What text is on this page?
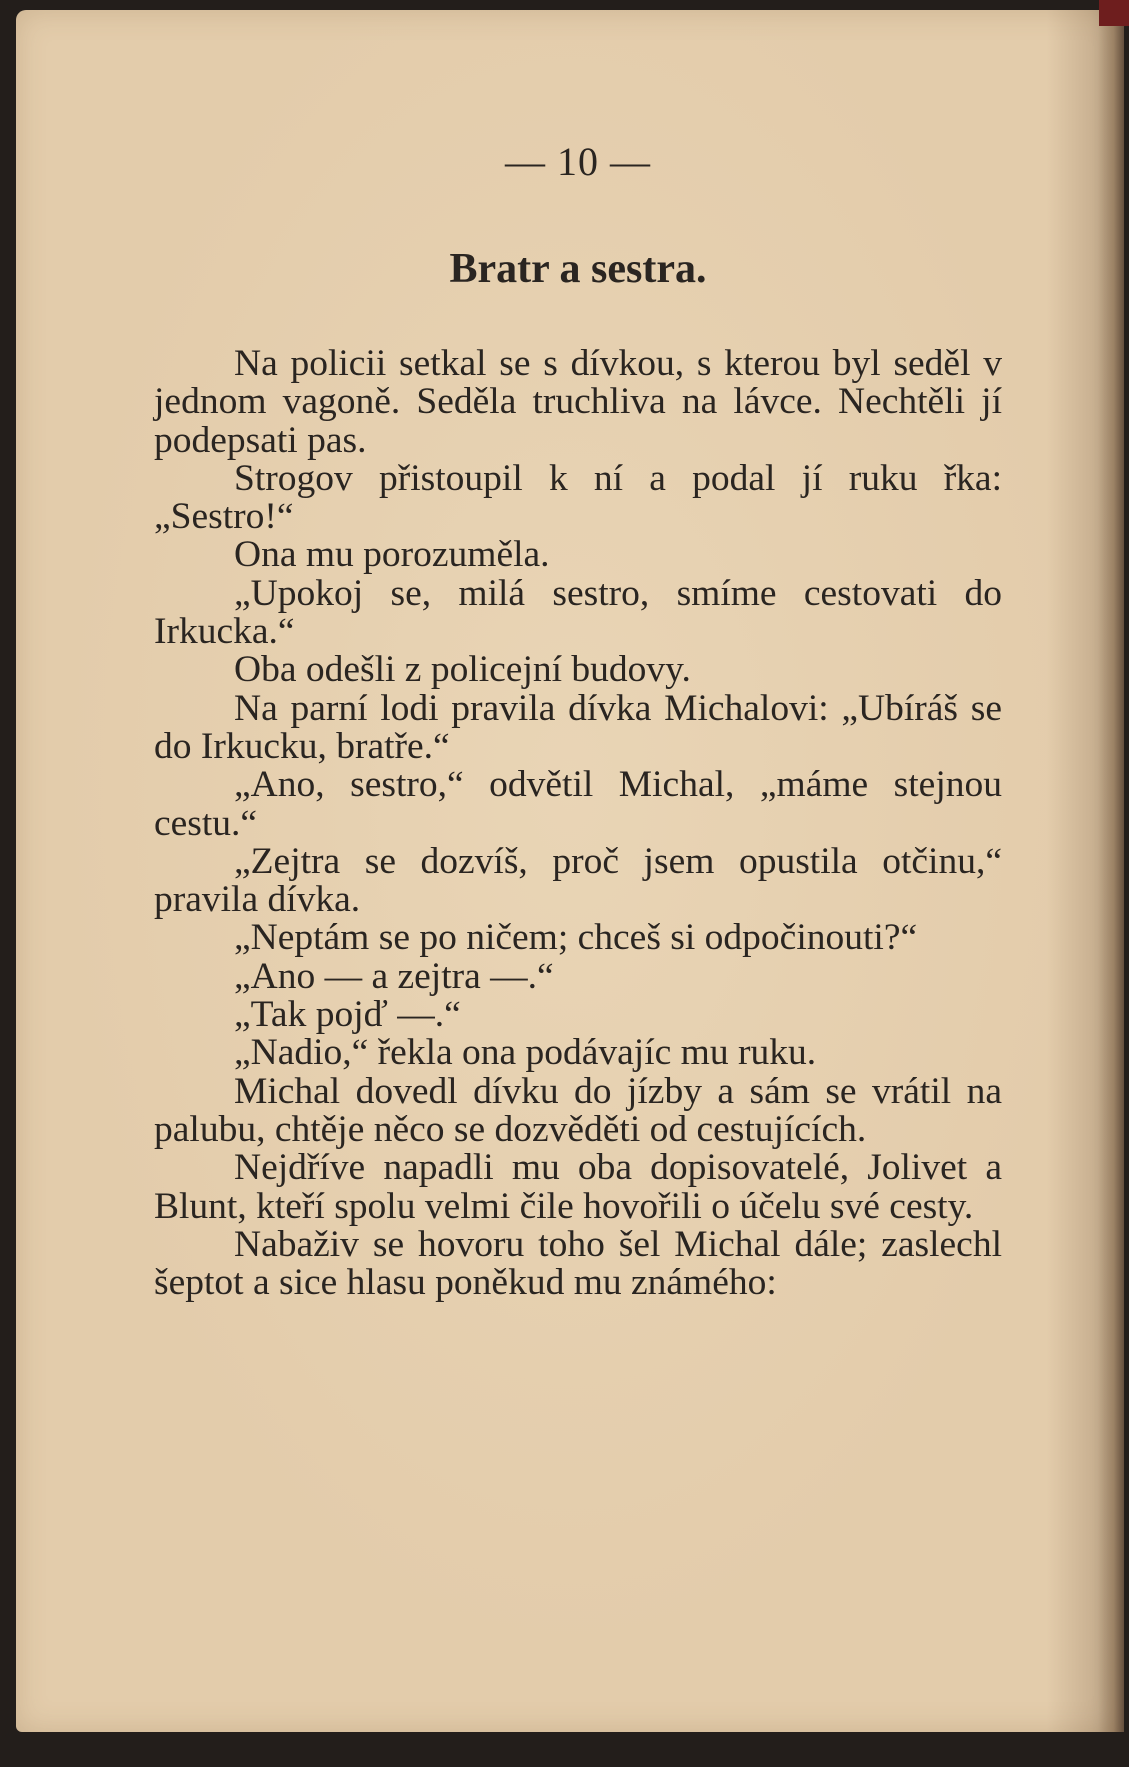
— 10 —
Bratr a sestra.

Na policii setkal se s dívkou, s kterou byl seděl v jednom vagoně. Seděla truchliva na lávce. Nechtěli jí podepsati pas.

Strogov přistoupil k ní a podal jí ruku řka: „Sestro!“

Ona mu porozuměla.

„Upokoj se, milá sestro, smíme cestovati do Irkucka.“

Oba odešli z policejní budovy.

Na parní lodi pravila dívka Michalovi: „Ubíráš se do Irkucku, bratře.“

„Ano, sestro,“ odvětil Michal, „máme stejnou cestu.“

„Zejtra se dozvíš, proč jsem opustila otčinu,“ pravila dívka.

„Neptám se po ničem; chceš si odpočinouti?“

„Ano — a zejtra —.“

„Tak pojď —.“

„Nadio,“ řekla ona podávajíc mu ruku.

Michal dovedl dívku do jízby a sám se vrátil na palubu, chtěje něco se dozvěděti od cestujících.

Nejdříve napadli mu oba dopisovatelé, Jolivet a Blunt, kteří spolu velmi čile hovořili o účelu své cesty.

Nabaživ se hovoru toho šel Michal dále; zaslechl šeptot a sice hlasu poněkud mu známého:
